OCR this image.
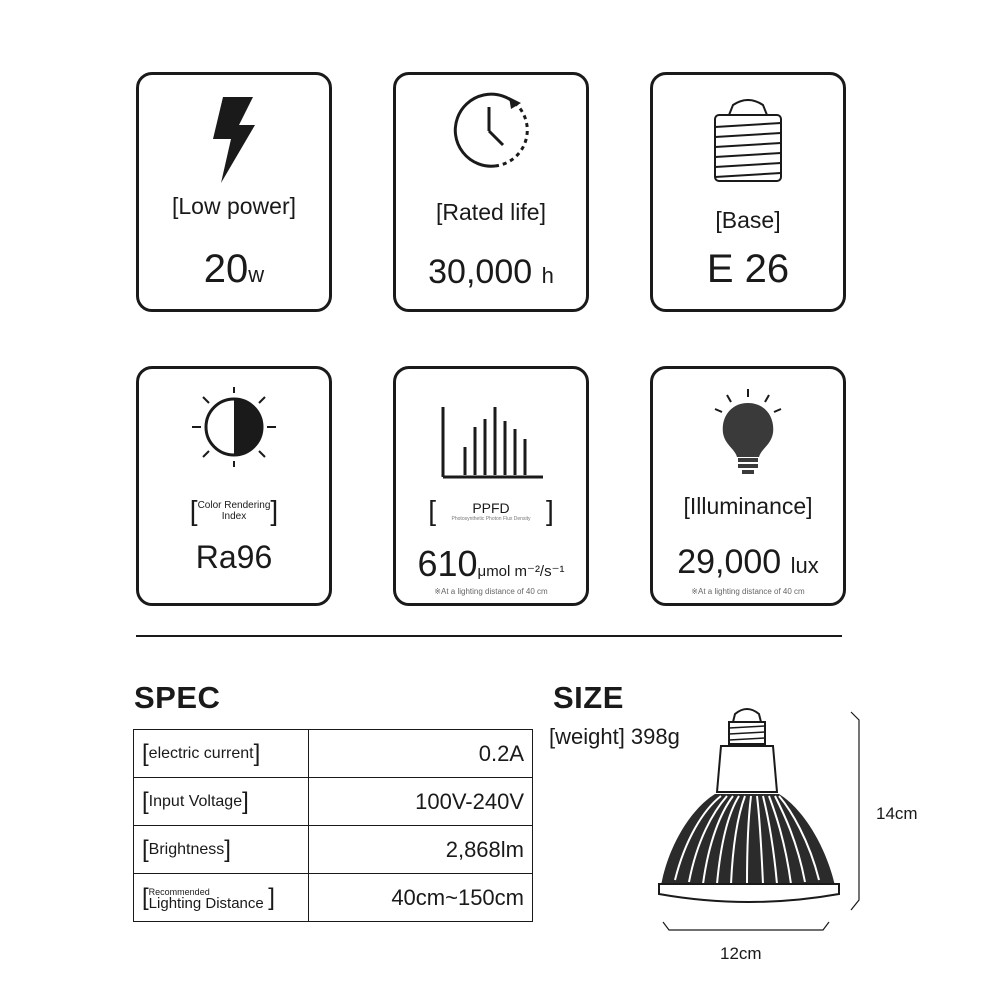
[Low power]
20w
[Rated life]
30,000 h
[Base]
E 26
[Color Rendering
Index ]
Ra96
[	PPFD
Photosynthetic Photon Flux Density ]
610μmol m⁻²/s⁻¹
※At a lighting distance of 40 cm
[Illuminance]
29,000 lux
※At a lighting distance of 40 cm
SPEC
[electric current]	0.2A
[Input Voltage]	100V-240V
[Brightness]	2,868lm
[ Recommended
Lighting Distance ]	40cm~150cm
SIZE
[weight] 398g
14cm
12cm
